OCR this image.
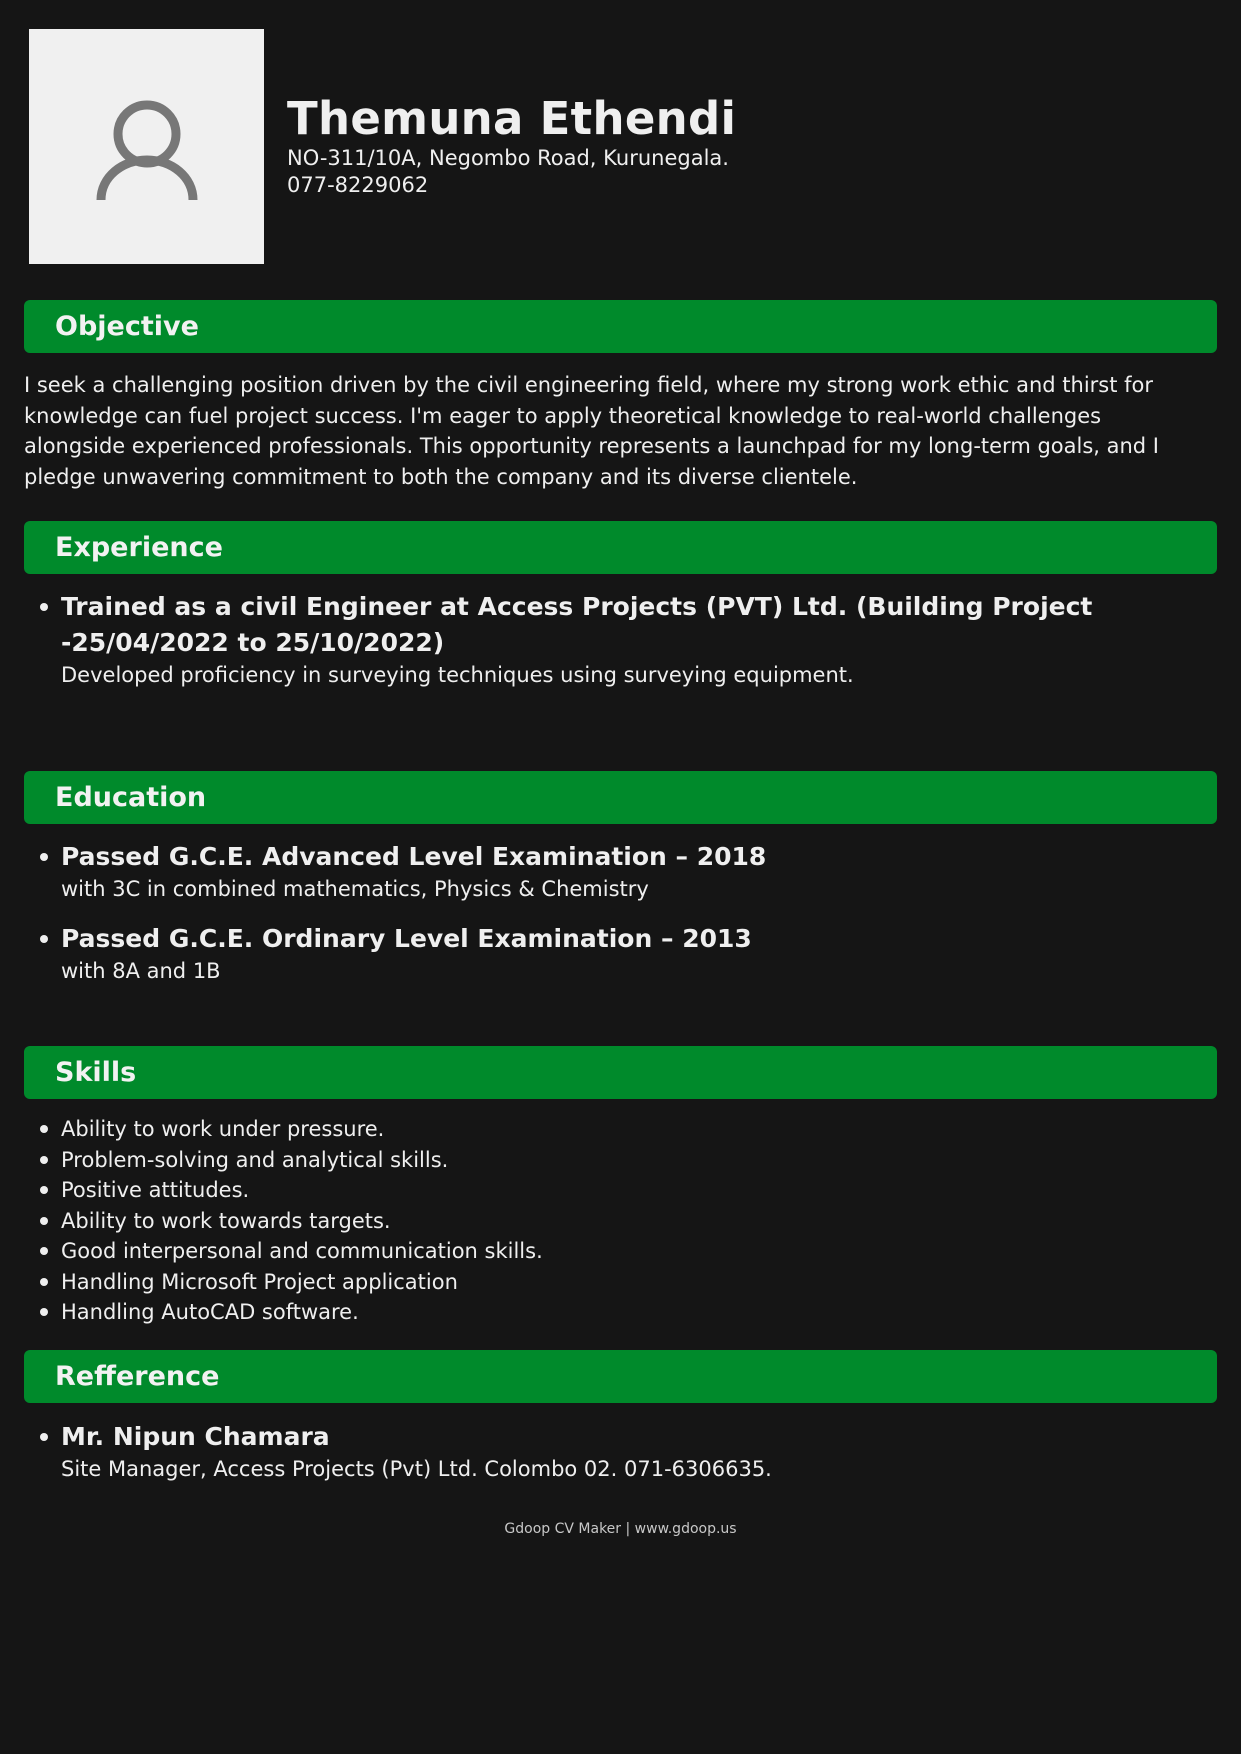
Themuna Ethendi
NO-311/10A, Negombo Road, Kurunegala.
077-8229062
Objective
I seek a challenging position driven by the civil engineering field, where my strong work ethic and thirst for knowledge can fuel project success. I'm eager to apply theoretical knowledge to real-world challenges alongside experienced professionals. This opportunity represents a launchpad for my long-term goals, and I pledge unwavering commitment to both the company and its diverse clientele.
Experience
Trained as a civil Engineer at Access Projects (PVT) Ltd. (Building Project -25/04/2022 to 25/10/2022)
Developed proficiency in surveying techniques using surveying equipment.
Education
Passed G.C.E. Advanced Level Examination – 2018
with 3C in combined mathematics, Physics & Chemistry
Passed G.C.E. Ordinary Level Examination – 2013
with 8A and 1B
Skills
Ability to work under pressure.
Problem-solving and analytical skills.
Positive attitudes.
Ability to work towards targets.
Good interpersonal and communication skills.
Handling Microsoft Project application
Handling AutoCAD software.
Refference
Mr. Nipun Chamara
Site Manager, Access Projects (Pvt) Ltd. Colombo 02. 071-6306635.
Gdoop CV Maker | www.gdoop.us
